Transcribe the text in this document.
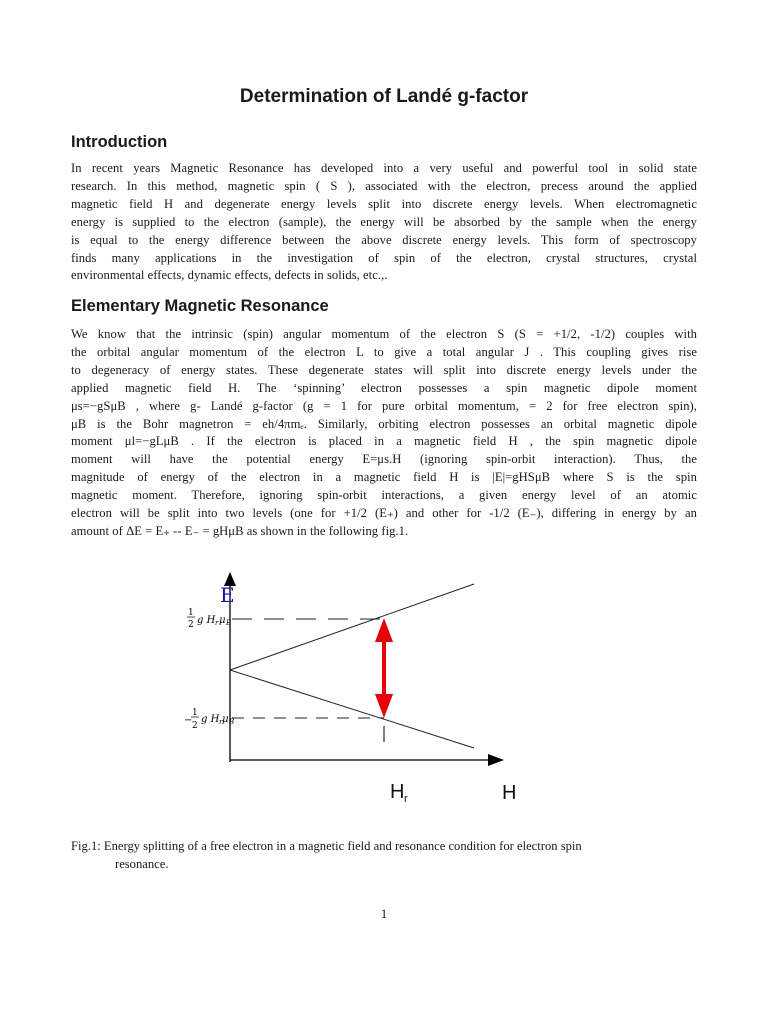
Determination of Landé g-factor
Introduction
In recent years Magnetic Resonance has developed into a very useful and powerful tool in solid state
research. In this method, magnetic spin ( S ), associated with the electron, precess around the applied
magnetic field H and degenerate energy levels split into discrete energy levels. When electromagnetic
energy is supplied to the electron (sample), the energy will be absorbed by the sample when the energy
is equal to the energy difference between the above discrete energy levels. This form of spectroscopy
finds many applications in the investigation of spin of the electron, crystal structures, crystal
environmental effects, dynamic effects, defects in solids, etc.,.
Elementary Magnetic Resonance
We know that the intrinsic (spin) angular momentum of the electron S (S = +1/2, -1/2) couples with
the orbital angular momentum of the electron L to give a total angular J . This coupling gives rise
to degeneracy of energy states. These degenerate states will split into discrete energy levels under the
applied magnetic field H. The ‘spinning’ electron possesses a spin magnetic dipole moment
μs=−gSμB , where g- Landé g-factor (g = 1 for pure orbital momentum, = 2 for free electron spin),
μB is the Bohr magnetron = eh/4πmₑ. Similarly, orbiting electron possesses an orbital magnetic dipole
moment μl=−gLμB . If the electron is placed in a magnetic field H , the spin magnetic dipole
moment will have the potential energy E=μs.H (ignoring spin-orbit interaction). Thus, the
magnitude of energy of the electron in a magnetic field H is |E|=gHSμB where S is the spin
magnetic moment. Therefore, ignoring spin-orbit interactions, a given energy level of an atomic
electron will be split into two levels (one for +1/2 (E₊) and other for -1/2 (E₋), differing in energy by an
amount of ΔE = E₊ -- E₋ = gHμB as shown in the following fig.1.
E
1
2 g H r μ B
−
1
2
g H r μ B
H r	H
Fig.1: Energy splitting of a free electron in a magnetic field and resonance condition for electron spin
resonance.
1
